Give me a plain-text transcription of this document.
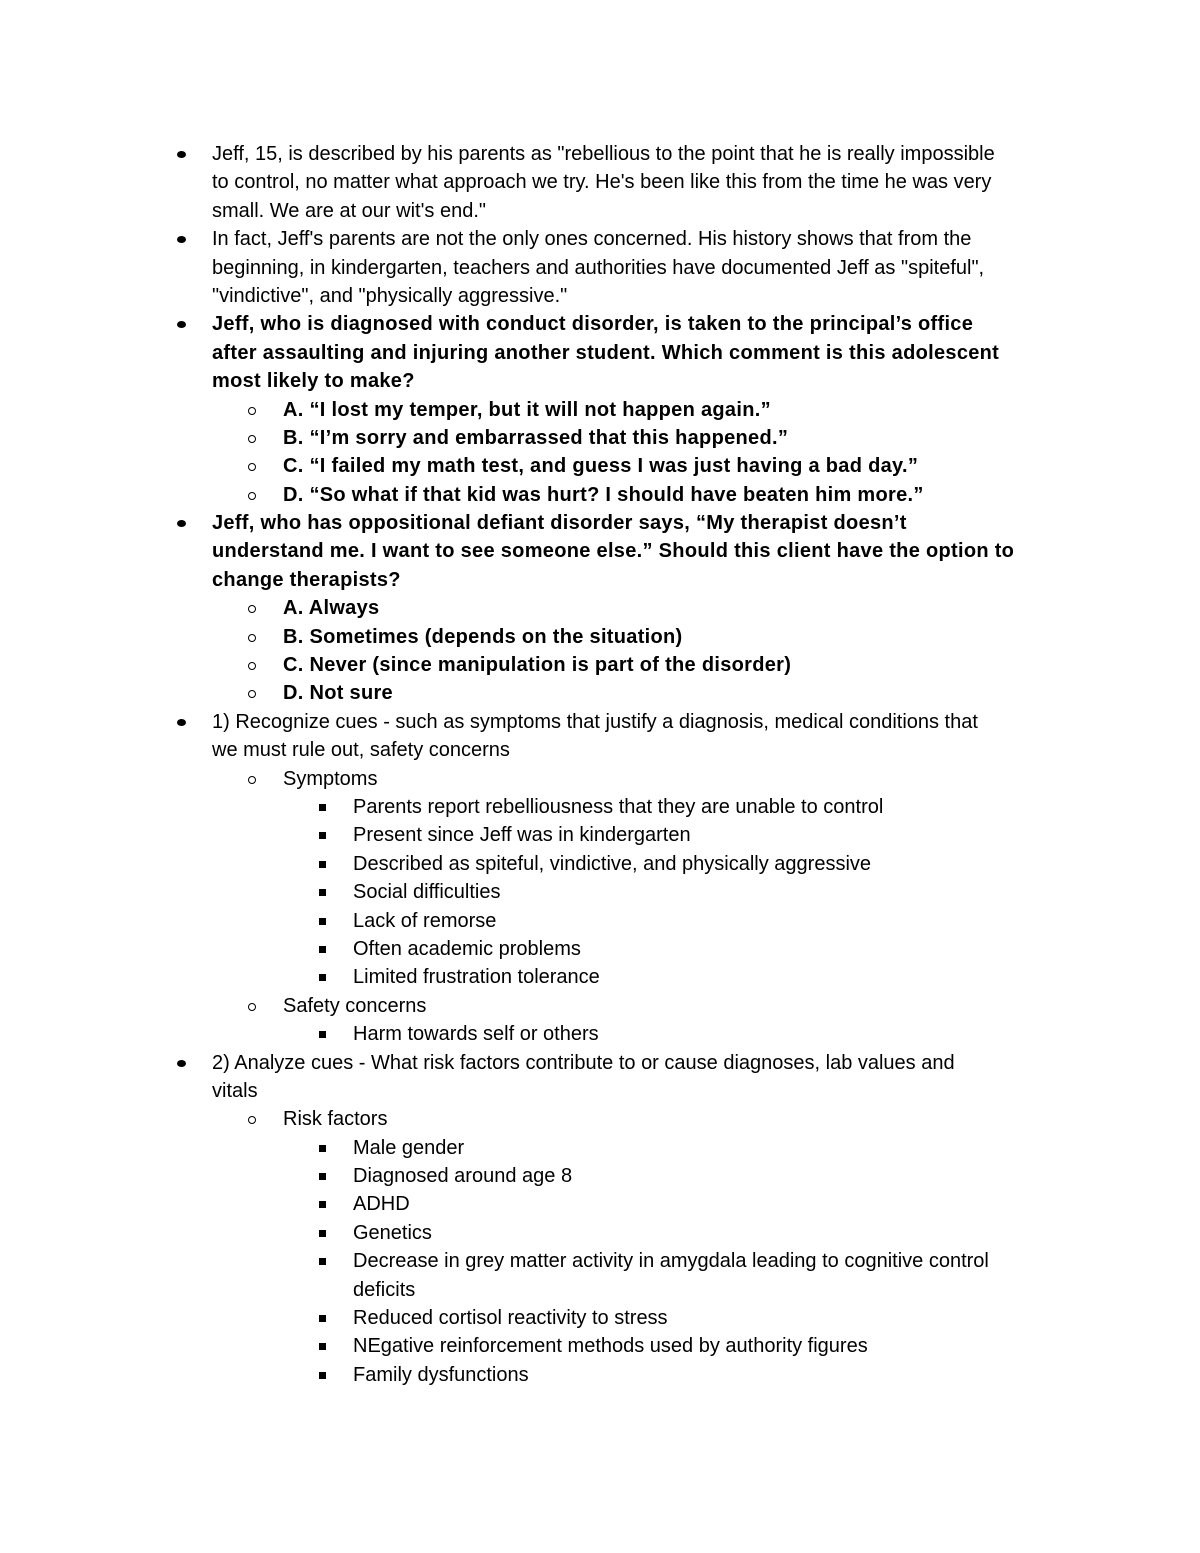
Jeff, 15, is described by his parents as "rebellious to the point that he is really impossible
to control, no matter what approach we try. He's been like this from the time he was very
small. We are at our wit's end."
In fact, Jeff's parents are not the only ones concerned. His history shows that from the
beginning, in kindergarten, teachers and authorities have documented Jeff as "spiteful",
"vindictive", and "physically aggressive."
Jeff, who is diagnosed with conduct disorder, is taken to the principal’s office
after assaulting and injuring another student. Which comment is this adolescent
most likely to make?
A. “I lost my temper, but it will not happen again.”
B. “I’m sorry and embarrassed that this happened.”
C. “I failed my math test, and guess I was just having a bad day.”
D. “So what if that kid was hurt? I should have beaten him more.”
Jeff, who has oppositional defiant disorder says, “My therapist doesn’t
understand me. I want to see someone else.” Should this client have the option to
change therapists?
A. Always
B. Sometimes (depends on the situation)
C. Never (since manipulation is part of the disorder)
D. Not sure
1) Recognize cues - such as symptoms that justify a diagnosis, medical conditions that
we must rule out, safety concerns
Symptoms
Parents report rebelliousness that they are unable to control
Present since Jeff was in kindergarten
Described as spiteful, vindictive, and physically aggressive
Social difficulties
Lack of remorse
Often academic problems
Limited frustration tolerance
Safety concerns
Harm towards self or others
2) Analyze cues - What risk factors contribute to or cause diagnoses, lab values and
vitals
Risk factors
Male gender
Diagnosed around age 8
ADHD
Genetics
Decrease in grey matter activity in amygdala leading to cognitive control
deficits
Reduced cortisol reactivity to stress
NEgative reinforcement methods used by authority figures
Family dysfunctions
